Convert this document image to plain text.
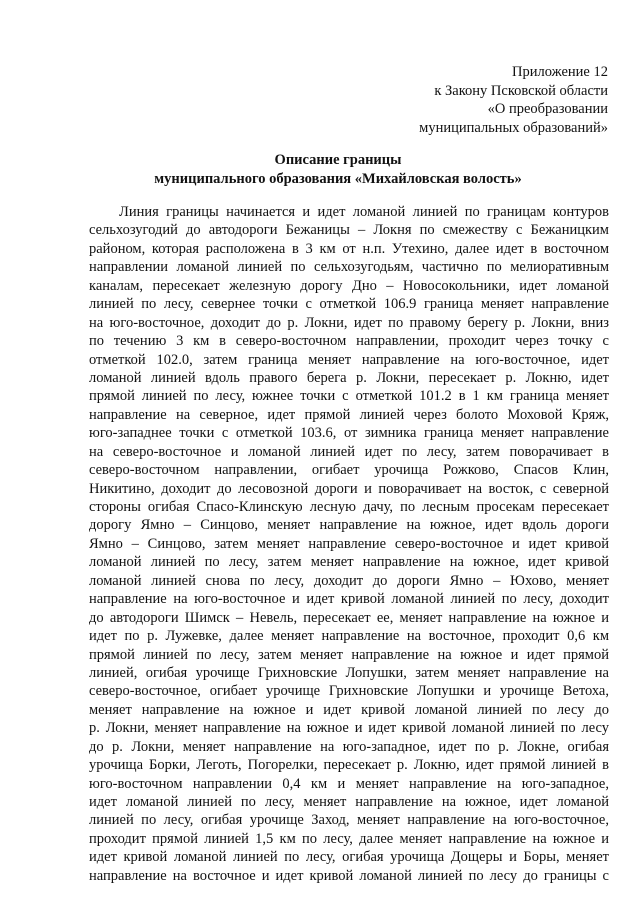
Приложение 12
к Закону Псковской области
«О преобразовании
муниципальных образований»
Описание границы
муниципального образования «Михайловская волость»
Линия границы начинается и идет ломаной линией по границам контуров
сельхозугодий до автодороги Бежаницы – Локня по смежеству с Бежаницким
районом, которая расположена в 3 км от н.п. Утехино, далее идет в восточном
направлении ломаной линией по сельхозугодьям, частично по мелиоративным
каналам, пересекает железную дорогу Дно – Новосокольники, идет ломаной
линией по лесу, севернее точки с отметкой 106.9 граница меняет направление
на юго-восточное, доходит до р. Локни, идет по правому берегу р. Локни, вниз
по течению 3 км в северо-восточном направлении, проходит через точку с
отметкой 102.0, затем граница меняет направление на юго-восточное, идет
ломаной линией вдоль правого берега р. Локни, пересекает р. Локню, идет
прямой линией по лесу, южнее точки с отметкой 101.2 в 1 км граница меняет
направление на северное, идет прямой линией через болото Моховой Кряж,
юго-западнее точки с отметкой 103.6, от зимника граница меняет направление
на северо-восточное и ломаной линией идет по лесу, затем поворачивает в
северо-восточном направлении, огибает урочища Рожково, Спасов Клин,
Никитино, доходит до лесовозной дороги и поворачивает на восток, с северной
стороны огибая Спасо-Клинскую лесную дачу, по лесным просекам пересекает
дорогу Ямно – Синцово, меняет направление на южное, идет вдоль дороги
Ямно – Синцово, затем меняет направление северо-восточное и идет кривой
ломаной линией по лесу, затем меняет направление на южное, идет кривой
ломаной линией снова по лесу, доходит до дороги Ямно – Юхово, меняет
направление на юго-восточное и идет кривой ломаной линией по лесу, доходит
до автодороги Шимск – Невель, пересекает ее, меняет направление на южное и
идет по р. Лужевке, далее меняет направление на восточное, проходит 0,6 км
прямой линией по лесу, затем меняет направление на южное и идет прямой
линией, огибая урочище Грихновские Лопушки, затем меняет направление на
северо-восточное, огибает урочище Грихновские Лопушки и урочище Ветоха,
меняет направление на южное и идет кривой ломаной линией по лесу до
р. Локни, меняет направление на южное и идет кривой ломаной линией по лесу
до р. Локни, меняет направление на юго-западное, идет по р. Локне, огибая
урочища Борки, Леготь, Погорелки, пересекает р. Локню, идет прямой линией в
юго-восточном направлении 0,4 км и меняет направление на юго-западное,
идет ломаной линией по лесу, меняет направление на южное, идет ломаной
линией по лесу, огибая урочище Заход, меняет направление на юго-восточное,
проходит прямой линией 1,5 км по лесу, далее меняет направление на южное и
идет кривой ломаной линией по лесу, огибая урочища Дощеры и Боры, меняет
направление на восточное и идет кривой ломаной линией по лесу до границы с
